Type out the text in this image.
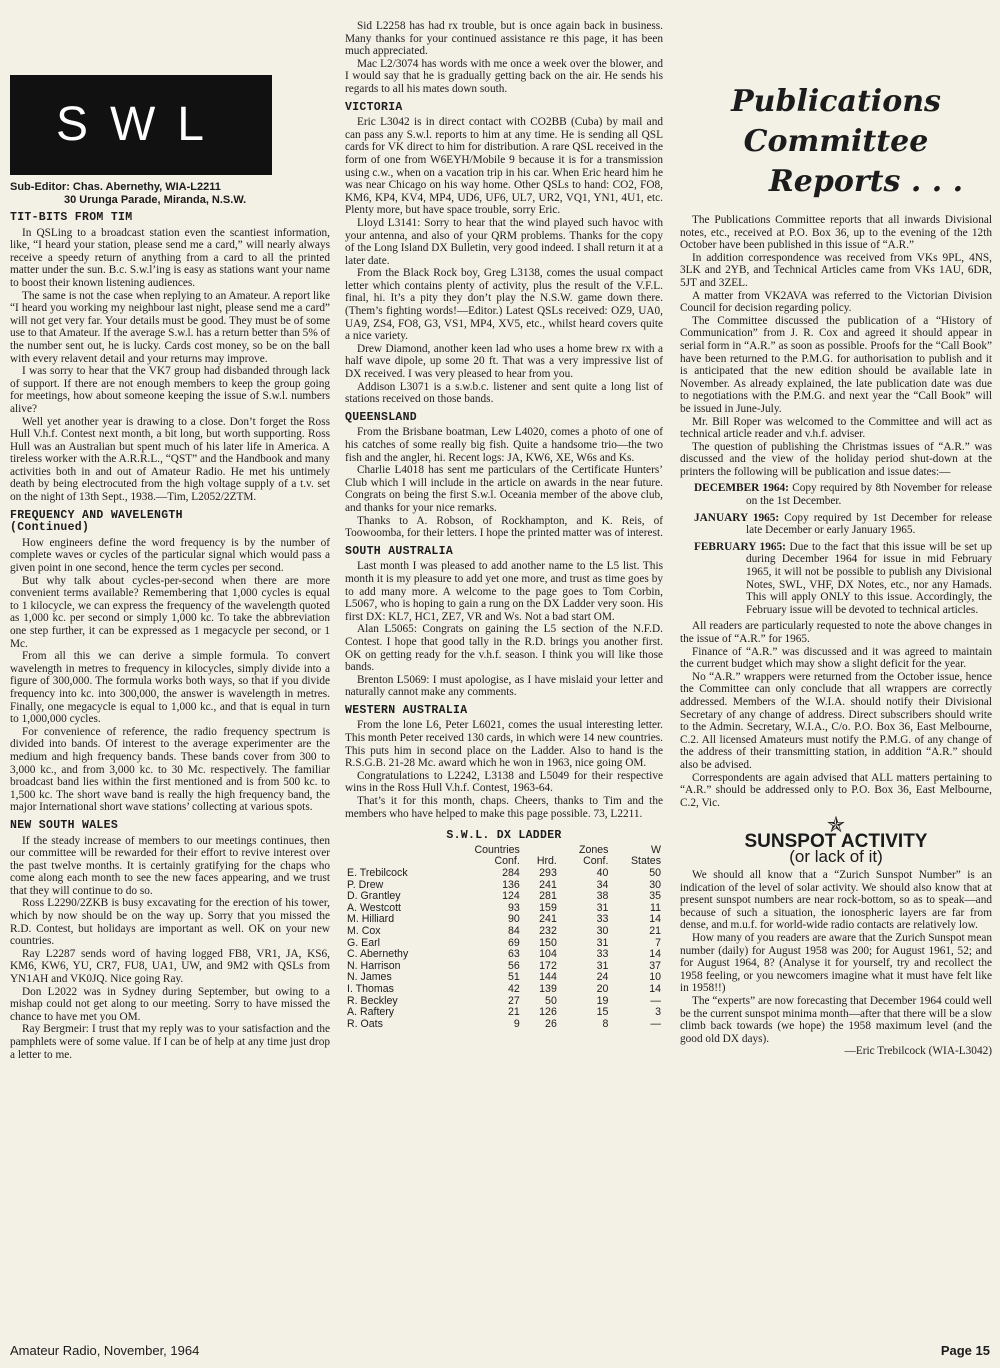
SWL
Sub-Editor: Chas. Abernethy, WIA-L2211
30 Urunga Parade, Miranda, N.S.W.
TIT-BITS FROM TIM

In QSLing to a broadcast station even the scantiest information, like, “I heard your station, please send me a card,” will nearly always receive a speedy return of anything from a card to all the printed matter under the sun. B.c. S.w.l’ing is easy as stations want your name to boost their known listening audiences.

The same is not the case when replying to an Amateur. A report like “I heard you working my neighbour last night, please send me a card” will not get very far. Your details must be good. They must be of some use to that Amateur. If the average S.w.l. has a return better than 5% of the number sent out, he is lucky. Cards cost money, so be on the ball with every relavent detail and your returns may improve.

I was sorry to hear that the VK7 group had disbanded through lack of support. If there are not enough members to keep the group going for meetings, how about someone keeping the issue of S.w.l. numbers alive?

Well yet another year is drawing to a close. Don’t forget the Ross Hull V.h.f. Contest next month, a bit long, but worth supporting. Ross Hull was an Australian but spent much of his later life in America. A tireless worker with the A.R.R.L., “QST” and the Handbook and many activities both in and out of Amateur Radio. He met his untimely death by being electrocuted from the high voltage supply of a t.v. set on the night of 13th Sept., 1938.—Tim, L2052/2ZTM.

FREQUENCY AND WAVELENGTH
(Continued)

How engineers define the word frequency is by the number of complete waves or cycles of the particular signal which would pass a given point in one second, hence the term cycles per second.

But why talk about cycles-per-second when there are more convenient terms available? Remembering that 1,000 cycles is equal to 1 kilocycle, we can express the frequency of the wavelength quoted as 1,000 kc. per second or simply 1,000 kc. To take the abbreviation one step further, it can be expressed as 1 megacycle per second, or 1 Mc.

From all this we can derive a simple formula. To convert wavelength in metres to frequency in kilocycles, simply divide into a figure of 300,000. The formula works both ways, so that if you divide frequency into kc. into 300,000, the answer is wavelength in metres. Finally, one megacycle is equal to 1,000 kc., and that is equal in turn to 1,000,000 cycles.

For convenience of reference, the radio frequency spectrum is divided into bands. Of interest to the average experimenter are the medium and high frequency bands. These bands cover from 300 to 3,000 kc., and from 3,000 kc. to 30 Mc. respectively. The familiar broadcast band lies within the first mentioned and is from 500 kc. to 1,500 kc. The short wave band is really the high frequency band, the major International short wave stations’ collecting at various spots.

NEW SOUTH WALES

If the steady increase of members to our meetings continues, then our committee will be rewarded for their effort to revive interest over the past twelve months. It is certainly gratifying for the chaps who come along each month to see the new faces appearing, and we trust that they will continue to do so.

Ross L2290/2ZKB is busy excavating for the erection of his tower, which by now should be on the way up. Sorry that you missed the R.D. Contest, but holidays are important as well. OK on your new countries.

Ray L2287 sends word of having logged FB8, VR1, JA, KS6, KM6, KW6, YU, CR7, FU8, UA1, UW, and 9M2 with QSLs from YN1AH and VK0JQ. Nice going Ray.

Don L2022 was in Sydney during September, but owing to a mishap could not get along to our meeting. Sorry to have missed the chance to have met you OM.

Ray Bergmeir: I trust that my reply was to your satisfaction and the pamphlets were of some value. If I can be of help at any time just drop a letter to me.

Sid L2258 has had rx trouble, but is once again back in business. Many thanks for your continued assistance re this page, it has been much appreciated.

Mac L2/3074 has words with me once a week over the blower, and I would say that he is gradually getting back on the air. He sends his regards to all his mates down south.

VICTORIA

Eric L3042 is in direct contact with CO2BB (Cuba) by mail and can pass any S.w.l. reports to him at any time. He is sending all QSL cards for VK direct to him for distribution. A rare QSL received in the form of one from W6EYH/Mobile 9 because it is for a transmission using c.w., when on a vacation trip in his car. When Eric heard him he was near Chicago on his way home. Other QSLs to hand: CO2, FO8, KM6, KP4, KV4, MP4, UD6, UF6, UL7, UR2, VQ1, YN1, 4U1, etc. Plenty more, but have space trouble, sorry Eric.

Lloyd L3141: Sorry to hear that the wind played such havoc with your antenna, and also of your QRM problems. Thanks for the copy of the Long Island DX Bulletin, very good indeed. I shall return it at a later date.

From the Black Rock boy, Greg L3138, comes the usual compact letter which contains plenty of activity, plus the result of the V.F.L. final, hi. It’s a pity they don’t play the N.S.W. game down there. (Them’s fighting words!—Editor.) Latest QSLs received: OZ9, UA0, UA9, ZS4, FO8, G3, VS1, MP4, XV5, etc., whilst heard covers quite a nice variety.

Drew Diamond, another keen lad who uses a home brew rx with a half wave dipole, up some 20 ft. That was a very impressive list of DX received. I was very pleased to hear from you.

Addison L3071 is a s.w.b.c. listener and sent quite a long list of stations received on those bands.

QUEENSLAND

From the Brisbane boatman, Lew L4020, comes a photo of one of his catches of some really big fish. Quite a handsome trio—the two fish and the angler, hi. Recent logs: JA, KW6, XE, W6s and Ks.

Charlie L4018 has sent me particulars of the Certificate Hunters’ Club which I will include in the article on awards in the near future. Congrats on being the first S.w.l. Oceania member of the above club, and thanks for your nice remarks.

Thanks to A. Robson, of Rockhampton, and K. Reis, of Toowoomba, for their letters. I hope the printed matter was of interest.

SOUTH AUSTRALIA

Last month I was pleased to add another name to the L5 list. This month it is my pleasure to add yet one more, and trust as time goes by to add many more. A welcome to the page goes to Tom Corbin, L5067, who is hoping to gain a rung on the DX Ladder very soon. His first DX: KL7, HC1, ZE7, VR and Ws. Not a bad start OM.

Alan L5065: Congrats on gaining the L5 section of the N.F.D. Contest. I hope that good tally in the R.D. brings you another first. OK on getting ready for the v.h.f. season. I think you will like those bands.

Brenton L5069: I must apologise, as I have mislaid your letter and naturally cannot make any comments.

WESTERN AUSTRALIA

From the lone L6, Peter L6021, comes the usual interesting letter. This month Peter received 130 cards, in which were 14 new countries. This puts him in second place on the Ladder. Also to hand is the R.S.G.B. 21-28 Mc. award which he won in 1963, nice going OM.

Congratulations to L2242, L3138 and L5049 for their respective wins in the Ross Hull V.h.f. Contest, 1963-64.

That’s it for this month, chaps. Cheers, thanks to Tim and the members who have helped to make this page possible. 73, L2211.

S.W.L. DX LADDER
	Countries		Zones	W
	Conf.	Hrd.	Conf.	States
E. Trebilcock	284	293	40	50
P. Drew	136	241	34	30
D. Grantley	124	281	38	35
A. Westcott	93	159	31	11
M. Hilliard	90	241	33	14
M. Cox	84	232	30	21
G. Earl	69	150	31	7
C. Abernethy	63	104	33	14
N. Harrison	56	172	31	37
N. James	51	144	24	10
I. Thomas	42	139	20	14
R. Beckley	27	50	19	—
A. Raftery	21	126	15	3
R. Oats	9	26	8	—
Publications Committee
Reports . . .

The Publications Committee reports that all inwards Divisional notes, etc., received at P.O. Box 36, up to the evening of the 12th October have been published in this issue of “A.R.”

In addition correspondence was received from VKs 9PL, 4NS, 3LK and 2YB, and Technical Articles came from VKs 1AU, 6DR, 5JT and 3ZEL.

A matter from VK2AVA was referred to the Victorian Division Council for decision regarding policy.

The Committee discussed the publication of a “History of Communication” from J. R. Cox and agreed it should appear in serial form in “A.R.” as soon as possible. Proofs for the “Call Book” have been returned to the P.M.G. for authorisation to publish and it is anticipated that the new edition should be available late in November. As already explained, the late publication date was due to negotiations with the P.M.G. and next year the “Call Book” will be issued in June-July.

Mr. Bill Roper was welcomed to the Committee and will act as technical article reader and v.h.f. adviser.

The question of publishing the Christmas issues of “A.R.” was discussed and the view of the holiday period shut-down at the printers the following will be publication and issue dates:—

DECEMBER 1964: Copy required by 8th November for release on the 1st December.

JANUARY 1965: Copy required by 1st December for release late December or early January 1965.

FEBRUARY 1965: Due to the fact that this issue will be set up during December 1964 for issue in mid February 1965, it will not be possible to publish any Divisional Notes, SWL, VHF, DX Notes, etc., nor any Hamads. This will apply ONLY to this issue. Accordingly, the February issue will be devoted to technical articles.

All readers are particularly requested to note the above changes in the issue of “A.R.” for 1965.

Finance of “A.R.” was discussed and it was agreed to maintain the current budget which may show a slight deficit for the year.

No “A.R.” wrappers were returned from the October issue, hence the Committee can only conclude that all wrappers are correctly addressed. Members of the W.I.A. should notify their Divisional Secretary of any change of address. Direct subscribers should write to the Admin. Secretary, W.I.A., C/o. P.O. Box 36, East Melbourne, C.2. All licensed Amateurs must notify the P.M.G. of any change of the address of their transmitting station, in addition “A.R.” should also be advised.

Correspondents are again advised that ALL matters pertaining to “A.R.” should be addressed only to P.O. Box 36, East Melbourne, C.2, Vic.

✯
SUNSPOT ACTIVITY
(or lack of it)

We should all know that a “Zurich Sunspot Number” is an indication of the level of solar activity. We should also know that at present sunspot numbers are near rock-bottom, so as to speak—and because of such a situation, the ionospheric layers are far from dense, and m.u.f. for world-wide radio contacts are relatively low.

How many of you readers are aware that the Zurich Sunspot mean number (daily) for August 1958 was 200; for August 1961, 52; and for August 1964, 8? (Analyse it for yourself, try and recollect the 1958 feeling, or you newcomers imagine what it must have felt like in 1958!!)

The “experts” are now forecasting that December 1964 could well be the current sunspot minima month—after that there will be a slow climb back towards (we hope) the 1958 maximum level (and the good old DX days).

—Eric Trebilcock (WIA-L3042)

Amateur Radio, November, 1964	Page 15
